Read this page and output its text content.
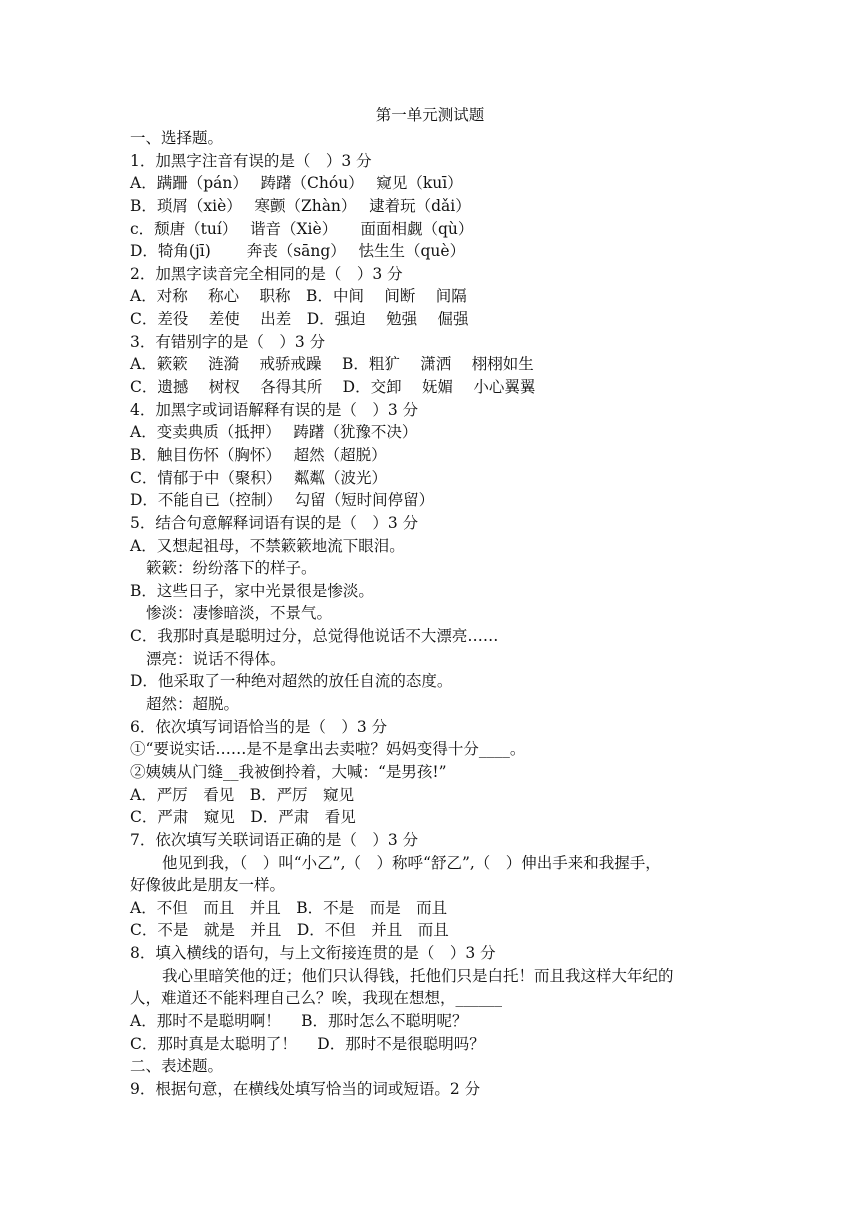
第一单元测试题
一、选择题。
1．加黑字注音有误的是（　）3 分
A．蹒跚（pán）　 踌躇（Chóu）　 窥见（kuī）
B．琐屑（xiè）　 寒颤（Zhàn）　 逮着玩（dǎi）
c．颓唐（tuí）　 谐音（Xiè）　　面面相觑（qù）
D．犄角(jī)　　 奔丧（sāng）　 怯生生（què）
2．加黑字读音完全相同的是（　）3 分
A．对称　 称心　 职称　B．中间　 间断　 间隔
C．差役　 差使　 出差　D．强迫　 勉强　 倔强
3．有错别字的是（　）3 分
A．簌簌　 涟漪　 戒骄戒躁　 B．粗犷　 潇洒　 栩栩如生
C．遗撼　 树杈　 各得其所　 D．交卸　 妩媚　 小心翼翼
4．加黑字或词语解释有误的是（　）3 分
A．变卖典质（抵押）　 踌躇（犹豫不决）
B．触目伤怀（胸怀）　 超然（超脱）
C．情郁于中（聚积）　 粼粼（波光）
D．不能自已（控制）　 勾留（短时间停留）
5．结合句意解释词语有误的是（　）3 分
A．又想起祖母，不禁簌簌地流下眼泪。
簌簌：纷纷落下的样子。
B．这些日子，家中光景很是惨淡。
惨淡：凄惨暗淡，不景气。
C．我那时真是聪明过分，总觉得他说话不大漂亮……
漂亮：说话不得体。
D．他采取了一种绝对超然的放任自流的态度。
超然：超脱。
6．依次填写词语恰当的是（　）3 分
①“要说实话……是不是拿出去卖啦？妈妈变得十分____。
②姨姨从门缝__我被倒拎着，大喊：“是男孩!”
A．严厉　看见　B．严厉　窥见
C．严肃　窥见　D．严肃　看见
7．依次填写关联词语正确的是（　）3 分
他见到我，（　）叫“小乙”,（　）称呼“舒乙”,（　）伸出手来和我握手，
好像彼此是朋友一样。
A．不但　而且　并且　B．不是　而是　而且
C．不是　就是　并且　D．不但　并且　而且
8．填入横线的语句，与上文衔接连贯的是（　）3 分
我心里暗笑他的迂；他们只认得钱，托他们只是白托！而且我这样大年纪的
人，难道还不能料理自己么？唉，我现在想想，______
A．那时不是聪明啊！　 B．那时怎么不聪明呢？
C．那时真是太聪明了！　 D．那时不是很聪明吗？
二、表述题。
9．根据句意，在横线处填写恰当的词或短语。2 分
